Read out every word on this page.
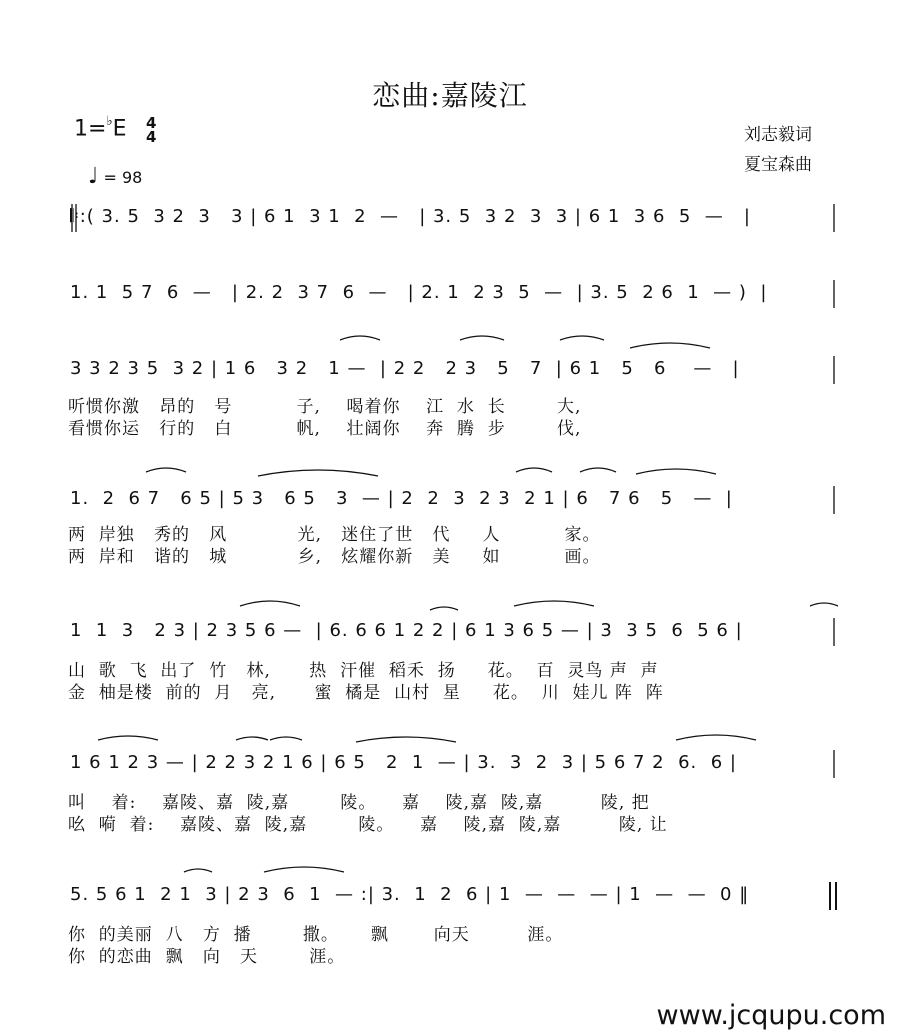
恋曲:嘉陵江
1=♭E 4
4
♩ = 98
刘志毅词
夏宝森曲
𝄆:( 3. 5  3 2  3   3 | 6 1  3 1  2  —   | 3. 5  3 2  3  3 | 6 1  3 6  5  —   |
1. 1  5 7  6  —   | 2. 2  3 7  6  —   | 2. 1  2 3  5  —  | 3. 5  2 6  1  — )  |
3 3 2 3 5  3 2 | 1 6   3 2   1 —  | 2 2   2 3   5   7  | 6 1   5   6    —   |
听惯你激   昂的   号          子,    喝着你    江  水  长        大,
看惯你运   行的   白          帆,    壮阔你    奔  腾  步        伐,
1.  2  6 7   6 5 | 5 3   6 5   3  — | 2  2  3  2 3  2 1 | 6   7 6   5   —  |
两  岸独   秀的   风           光,   迷住了世   代     人          家。
两  岸和   谐的   城           乡,   炫耀你新   美     如          画。
1  1  3   2 3 | 2 3 5 6 —  | 6. 6 6 1 2 2 | 6 1 3 6 5 — | 3  3 5  6  5 6 |
山  歌  飞  出了  竹   林,      热  汗催  稻禾  扬     花。  百  灵鸟 声  声
金  柚是楼  前的  月   亮,      蜜  橘是  山村  星     花。  川  娃儿 阵  阵
1 6 1 2 3 — | 2 2 3 2 1 6 | 6 5   2  1  — | 3.  3  2  3 | 5 6 7 2  6.  6 |
叫    着:    嘉陵、嘉  陵,嘉        陵。    嘉    陵,嘉  陵,嘉         陵, 把
吆  嗬  着:    嘉陵、嘉  陵,嘉        陵。    嘉    陵,嘉  陵,嘉         陵, 让
5. 5 6 1  2 1  3 | 2 3  6  1  — :| 3.  1  2  6 | 1  —  —  — | 1  —  —  0 ‖
你  的美丽  八   方  播        撒。     飘       向天         涯。
你  的恋曲  飘   向   天        涯。
www.jcqupu.com
